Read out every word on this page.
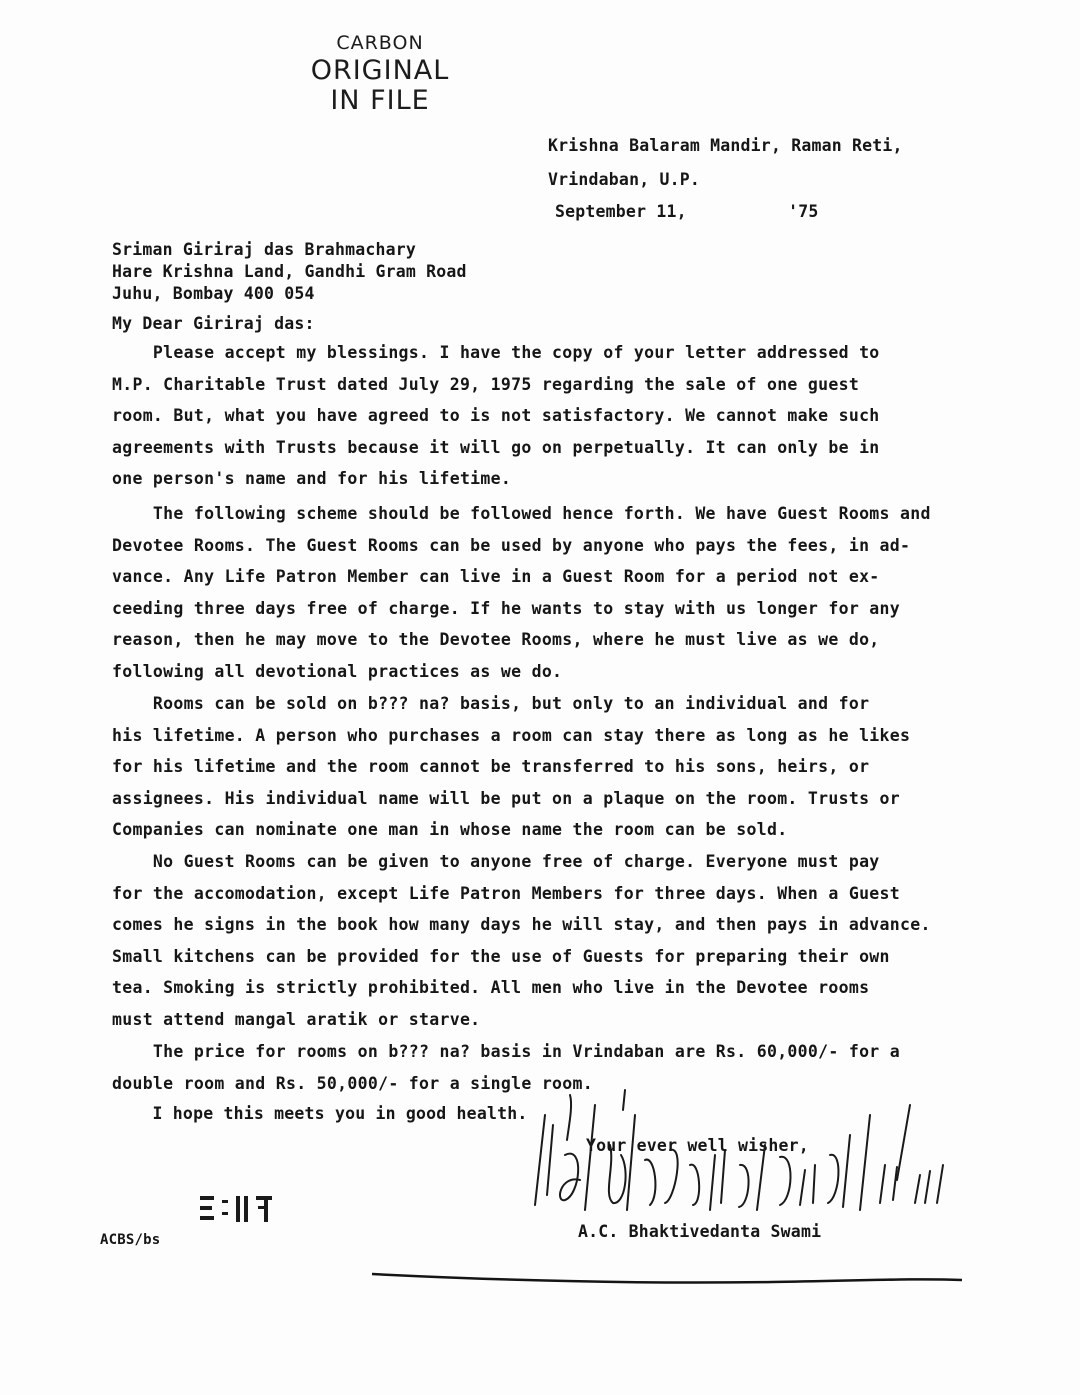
CARBON
ORIGINAL
IN FILE
Krishna Balaram Mandir, Raman Reti,
Vrindaban, U.P.
September 11,          '75
Sriman Giriraj das Brahmachary
Hare Krishna Land, Gandhi Gram Road
Juhu, Bombay 400 054
My Dear Giriraj das:
Please accept my blessings. I have the copy of your letter addressed to
M.P. Charitable Trust dated July 29, 1975 regarding the sale of one guest
room. But, what you have agreed to is not satisfactory. We cannot make such
agreements with Trusts because it will go on perpetually. It can only be in
one person's name and for his lifetime.
The following scheme should be followed hence forth. We have Guest Rooms and
Devotee Rooms. The Guest Rooms can be used by anyone who pays the fees, in ad-
vance. Any Life Patron Member can live in a Guest Room for a period not ex-
ceeding three days free of charge. If he wants to stay with us longer for any
reason, then he may move to the Devotee Rooms, where he must live as we do,
following all devotional practices as we do.
Rooms can be sold on b??? na? basis, but only to an individual and for
his lifetime. A person who purchases a room can stay there as long as he likes
for his lifetime and the room cannot be transferred to his sons, heirs, or
assignees. His individual name will be put on a plaque on the room. Trusts or
Companies can nominate one man in whose name the room can be sold.
No Guest Rooms can be given to anyone free of charge. Everyone must pay
for the accomodation, except Life Patron Members for three days. When a Guest
comes he signs in the book how many days he will stay, and then pays in advance.
Small kitchens can be provided for the use of Guests for preparing their own
tea. Smoking is strictly prohibited. All men who live in the Devotee rooms
must attend mangal aratik or starve.
The price for rooms on b??? na? basis in Vrindaban are Rs. 60,000/- for a
double room and Rs. 50,000/- for a single room.
I hope this meets you in good health.
Your ever well wisher,
A.C. Bhaktivedanta Swami
ACBS/bs
